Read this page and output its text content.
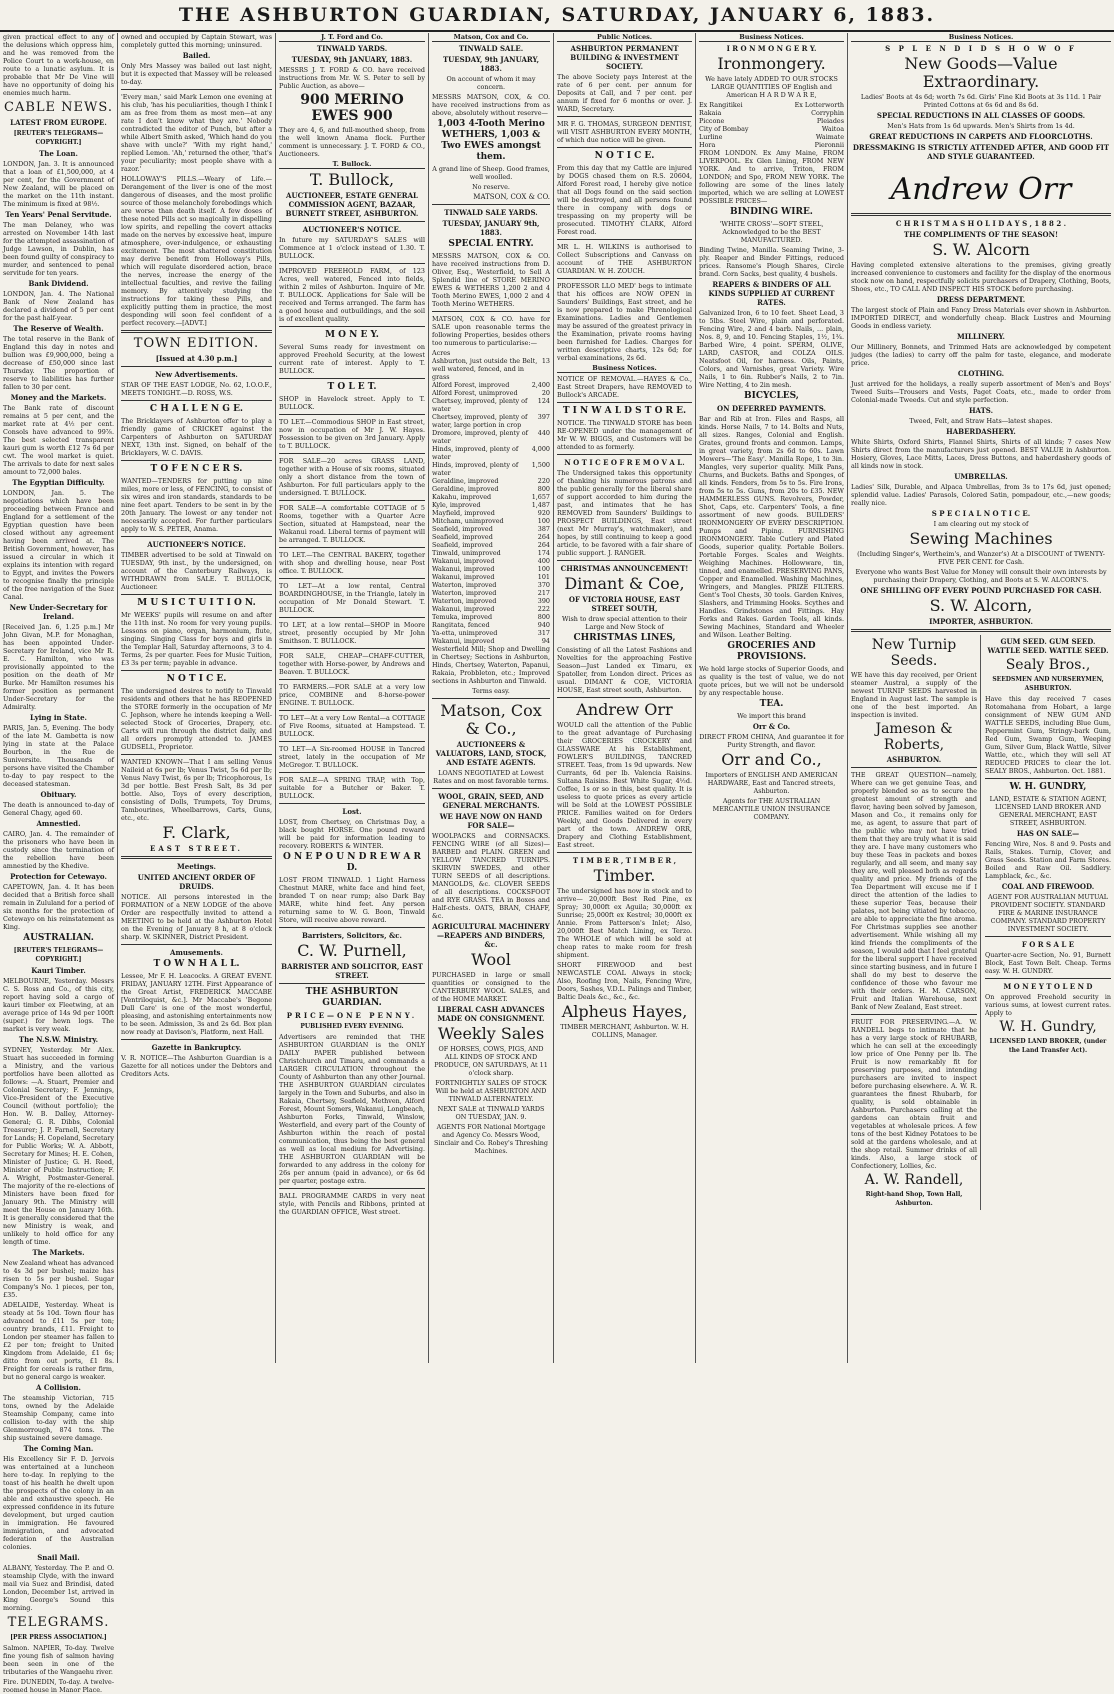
THE ASHBURTON GUARDIAN, SATURDAY, JANUARY 6, 1883.

given practical effect to any of the delusions which oppress him, and he was removed from the Police Court to a work-house, en route to a lunatic asylum. It is probable that Mr De Vine will have no opportunity of doing his enemies much harm.

CABLE NEWS.
LATEST FROM EUROPE.
[REUTER'S TELEGRAMS—COPYRIGHT.]
The Loan.

LONDON, Jan. 3. It is announced that a loan of £1,500,000, at 4 per cent, for the Government of New Zealand, will be placed on the market on the 11th instant. The minimum is fixed at 98½.

Ten Years' Penal Servitude.

The man Delaney, who was arrested on November 14th last for the attempted assassination of Judge Lawson, in Dublin, has been found guilty of conspiracy to murder, and sentenced to penal servitude for ten years.

Bank Dividend.

LONDON, Jan. 4. The National Bank of New Zealand has declared a dividend of 5 per cent for the past half-year.

The Reserve of Wealth.

The total reserve in the Bank of England this day in notes and bullion was £9,900,000, being a decrease of £50,000 since last Thursday. The proportion of reserve to liabilities has further fallen to 30 per cent.

Money and the Markets.

The Bank rate of discount remains at 5 per cent, and the market rate at 4½ per cent. Consols have advanced to 99⅞. The best selected transparent kauri gum is worth £12 7s 6d per cwt. The wool market is quiet. The arrivals to date for next sales amount to 72,000 bales.

The Egyptian Difficulty.

LONDON, Jan. 5. The negotiations which have been proceeding between France and England for a settlement of the Egyptian question have been closed without any agreement having been arrived at. The British Government, however, has issued a circular in which it explains its intention with regard to Egypt, and invites the Powers to recognise finally the principle of the free navigation of the Suez Canal.

New Under-Secretary for Ireland.

[Received Jan. 6, 1.25 p.m.] Mr John Givan, M.P. for Monaghan, has been appointed Under-Secretary for Ireland, vice Mr R. E. C. Hamilton, who was provisionally appointed to the position on the death of Mr Burke. Mr Hamilton resumes his former position as permanent Under-Secretary for the Admiralty.

Lying in State.

PARIS, Jan. 5, Evening. The body of the late M. Gambetta is now lying in state at the Palace Bourbon, in the Rue de Suniversite. Thousands of persons have visited the Chamber to-day to pay respect to the deceased statesman.

Obituary.

The death is announced to-day of General Chagy, aged 60.

Amnestied.

CAIRO, Jan. 4. The remainder of the prisoners who have been in custody since the termination of the rebellion have been amnestied by the Khedive.

Protection for Cetewayo.

CAPETOWN, Jan. 4. It has been decided that a British force shall remain in Zululand for a period of six months for the protection of Cetewayo on his reinstatement as King.

AUSTRALIAN.
[REUTER'S TELEGRAMS—COPYRIGHT.]
Kauri Timber.

MELBOURNE, Yesterday. Messrs C. S. Ross and Co., of this city, report having sold a cargo of kauri timber ex Fleetwing, at an average price of 14s 9d per 100ft (super.) for hewn logs. The market is very weak.

The N.S.W. Ministry.

SYDNEY, Yesterday. Mr Alex. Stuart has succeeded in forming a Ministry, and the various portfolios have been allotted as follows: —A. Stuart, Premier and Colonial Secretary; F. Jennings, Vice-President of the Executive Council (without portfolio); the Hon. W. B. Dalley, Attorney-General; G. R. Dibbs, Colonial Treasurer; J. P. Farnell, Secretary for Lands; H. Copeland, Secretary for Public Works; W. A. Abbott, Secretary for Mines; H. E. Cohen, Minister of Justice; G. H. Reed, Minister of Public Instruction; F. A. Wright, Postmaster-General. The majority of the re-elections of Ministers have been fixed for January 9th. The Ministry will meet the House on January 16th. It is generally considered that the new Ministry is weak, and unlikely to hold office for any length of time.

The Markets.

New Zealand wheat has advanced to 4s 3d per bushel; maize has risen to 5s per bushel. Sugar Company's No. 1 pieces, per ton, £35.

ADELAIDE, Yesterday. Wheat is steady at 5s 10d. Town flour has advanced to £11 5s per ton; country brands, £11. Freight to London per steamer has fallen to £2 per ton; freight to United Kingdom from Adelaide, £1 6s; ditto from out ports, £1 8s. Freight for cereals is rather firm, but no general cargo is weaker.

A Collision.

The steamship Victorian, 715 tons, owned by the Adelaide Steamship Company, came into collision to-day with the ship Glenmorrough, 874 tons. The ship sustained severe damage.

The Coming Man.

His Excellency Sir F. D. Jervois was entertained at a luncheon here to-day. In replying to the toast of his health he dwelt upon the prospects of the colony in an able and exhaustive speech. He expressed confidence in its future development, but urged caution in immigration. He favoured immigration, and advocated federation of the Australian colonies.

Snail Mail.

ALBANY, Yesterday. The P. and O. steamship Clyde, with the inward mail via Suez and Brindisi, dated London, December 1st, arrived in King George's Sound this morning.

TELEGRAMS.
[PER PRESS ASSOCIATION.]

Salmon. NAPIER, To-day. Twelve fine young fish of salmon having been seen in one of the tributaries of the Wangaehu river.

Fire. DUNEDIN, To-day. A twelve-roomed house in Manor Place.

owned and occupied by Captain Stewart, was completely gutted this morning; uninsured.

Bailed.

Only Mrs Massey was bailed out last night, but it is expected that Massey will be released to-day.

'Every man,' said Mark Lemon one evening at his club, 'has his peculiarities, though I think I am as free from them as most men—at any rate I don't know what they are.' Nobody contradicted the editor of Punch, but after a while Albert Smith asked, 'Which hand do you shave with uncle?' 'With my right hand,' replied Lemon. 'Ah,' returned the other, 'that's your peculiarity; most people shave with a razor.'

HOLLOWAY'S PILLS.—Weary of Life.—Derangement of the liver is one of the most dangerous of diseases, and the most prolific source of those melancholy forebodings which are worse than death itself. A few doses of these noted Pills act so magically in dispelling low spirits, and repelling the covert attacks made on the nerves by excessive heat, impure atmosphere, over-indulgence, or exhausting excitement. The most shattered constitution may derive benefit from Holloway's Pills, which will regulate disordered action, brace the nerves, increase the energy of the intellectual faculties, and revive the failing memory. By attentively studying the instructions for taking these Pills, and explicitly putting them in practice, the most desponding will soon feel confident of a perfect recovery.—[ADVT.]

TOWN EDITION.
[Issued at 4.30 p.m.]
New Advertisements.

STAR OF THE EAST LODGE, No. 62, I.O.O.F., MEETS TONIGHT.—D. ROSS, W.S.

C H A L L E N G E.

The Bricklayers of Ashburton offer to play a friendly game of CRICKET against the Carpenters of Ashburton on SATURDAY NEXT, 13th inst. Signed, on behalf of the Bricklayers, W. C. DAVIS.

T O F E N C E R S.

WANTED—TENDERS for putting up nine miles, more or less, of FENCING, to consist of six wires and iron standards, standards to be nine feet apart. Tenders to be sent in by the 20th January. The lowest or any tender not necessarily accepted. For further particulars apply to W. S. PETER, Anama.

AUCTIONEER'S NOTICE.

TIMBER advertised to be sold at Tinwald on TUESDAY, 9th inst., by the undersigned, on account of the Canterbury Railways, is WITHDRAWN from SALE. T. BULLOCK, Auctioneer.

M U S I C T U I T I O N.

Mr WEEKS' pupils will resume on and after the 11th inst. No room for very young pupils. Lessons on piano, organ, harmonium, flute, singing. Singing Class for boys and girls in the Templar Hall, Saturday afternoons, 3 to 4. Terms, 2s per quarter. Fees for Music Tuition, £3 3s per term; payable in advance.

N O T I C E.

The undersigned desires to notify to Tinwald residents and others that he has REOPENED the STORE formerly in the occupation of Mr C. Jephson, where he intends keeping a Well-selected Stock of Groceries, Drapery, etc. Carts will run through the district daily, and all orders promptly attended to. JAMES GUDSELL, Proprietor.

WANTED KNOWN—That I am selling Venus Naileid at 6s per lb; Venus Twist, 5s 6d per lb; Venus Navy Twist, 6s per lb; Tricophorous, 1s 3d per bottle. Best Fresh Salt, 8s 3d per bottle. Also, Toys of every description, consisting of Dolls, Trumpets, Toy Drums, Tambourines, Wheelbarrows, Carts, Guns, etc., etc.

F. Clark,
EAST STREET.
Meetings.
UNITED ANCIENT ORDER OF DRUIDS.

NOTICE. All persons interested in the FORMATION of a NEW LODGE of the above Order are respectfully invited to attend a MEETING to be held at the Ashburton Hotel on the Evening of January 8 h, at 8 o'clock sharp. W. SKINNER, District President.

Amusements.
T O W N H A L L.

Lessee, Mr F. H. Leacocks. A GREAT EVENT. FRIDAY, JANUARY 12TH. First Appearance of the Great Artist, FREDERICK MACCABE [Ventriloquist, &c.]. Mr Maccabe's 'Begone Dull Care' is one of the most wonderful, pleasing, and astonishing entertainments now to be seen. Admission, 3s and 2s 6d. Box plan now ready at Davison's, Platform, next Hall.

Gazette in Bankruptcy.

V. R. NOTICE—The Ashburton Guardian is a Gazette for all notices under the Debtors and Creditors Acts.

J. T. Ford and Co.
TINWALD YARDS.
TUESDAY, 9th JANUARY, 1883.

MESSRS J. T. FORD & CO. have received instructions from Mr. W. S. Peter to sell by Public Auction, as above—

900 MERINO EWES 900

They are 4, 6, and full-mouthed sheep, from the well known Anama flock. Further comment is unnecessary. J. T. FORD & CO., Auctioneers.

T. Bullock.
T. Bullock,
AUCTIONEER, ESTATE GENERAL COMMISSION AGENT, BAZAAR, BURNETT STREET, ASHBURTON.
AUCTIONEER'S NOTICE.

In future my SATURDAY'S SALES will Commence at 1 o'clock instead of 1.30. T. BULLOCK.

IMPROVED FREEHOLD FARM, of 123 Acres, well watered, Fenced into fields, within 2 miles of Ashburton. Inquire of Mr. T. BULLOCK. Applications for Sale will be received and Terms arranged. The farm has a good house and outbuildings, and the soil is of excellent quality.

M O N E Y.

Several Sums ready for investment on approved Freehold Security, at the lowest current rate of interest. Apply to T. BULLOCK.

T O L E T.

SHOP in Havelock street. Apply to T. BULLOCK.

TO LET.—Commodious SHOP in East street, now in occupation of Mr J. W. Hayes. Possession to be given on 3rd January. Apply to T. BULLOCK.

FOR SALE—20 acres GRASS LAND, together with a House of six rooms, situated only a short distance from the town of Ashburton. For full particulars apply to the undersigned. T. BULLOCK.

FOR SALE—A comfortable COTTAGE of 5 Rooms, together with a Quarter Acre Section, situated at Hampstead, near the Wakanui road. Liberal terms of payment will be arranged. T. BULLOCK.

TO LET.—The CENTRAL BAKERY, together with shop and dwelling house, near Post office. T. BULLOCK.

TO LET—At a low rental, Central BOARDINGHOUSE, in the Triangle, lately in occupation of Mr Donald Stewart. T. BULLOCK.

TO LET, at a low rental—SHOP in Moore street, presently occupied by Mr John Smithson. T. BULLOCK.

FOR SALE, CHEAP—CHAFF-CUTTER, together with Horse-power, by Andrews and Beaven. T. BULLOCK.

TO FARMERS.—FOR SALE at a very low price, COMBINE and 8-horse-power ENGINE. T. BULLOCK.

TO LET—At a very Low Rental—a COTTAGE of Five Rooms, situated at Hampstead. T. BULLOCK.

TO LET—A Six-roomed HOUSE in Tancred street, lately in the occupation of Mr McGregor. T. BULLOCK.

FOR SALE—A SPRING TRAP, with Top, suitable for a Butcher or Baker. T. BULLOCK.

Lost.

LOST, from Chertsey, on Christmas Day, a black bought HORSE. One pound reward will be paid for information leading to recovery. ROBERTS & WINTER.

O N E P O U N D R E W A R D.

LOST FROM TINWALD. 1 Light Harness Chestnut MARE, white face and hind feet, branded T on near rump; also Dark Bay MARE, white hind feet. Any person returning same to W. G. Boon, Tinwald Store, will receive above reward.

Barristers, Solicitors, &c.
C. W. Purnell,
BARRISTER AND SOLICITOR, EAST STREET.
THE ASHBURTON GUARDIAN.
PRICE—ONE PENNY.
PUBLISHED EVERY EVENING.

Advertisers are reminded that THE ASHBURTON GUARDIAN is the ONLY DAILY PAPER published between Christchurch and Timaru, and commands a LARGER CIRCULATION throughout the County of Ashburton than any other Journal. THE ASHBURTON GUARDIAN circulates largely in the Town and Suburbs, and also in Rakaia, Chertsey, Seafield, Methven, Alford Forest, Mount Somers, Wakanui, Longbeach, Ashburton Forks, Tinwald, Winslow, Westerfield, and every part of the County of Ashburton within the reach of postal communication, thus being the best general as well as local medium for Advertising. THE ASHBURTON GUARDIAN will be forwarded to any address in the colony for 26s per annum (paid in advance), or 6s 6d per quarter, postage extra.

BALL PROGRAMME CARDS in very neat style, with Pencils and Ribbons, printed at the GUARDIAN OFFICE, West street.

Matson, Cox and Co.
TINWALD SALE.
TUESDAY, 9th JANUARY, 1883.

On account of whom it may concern.

MESSRS MATSON, COX, & CO. have received instructions from as above, absolutely without reserve—

1,003 4-Tooth Merino WETHERS, 1,003 & Two EWES amongst them.

A grand line of Sheep. Good frames, well woolled.

No reserve.

MATSON, COX & CO.
TINWALD SALE YARDS.
TUESDAY, JANUARY 9th, 1883.
SPECIAL ENTRY.

MESSRS MATSON, COX & CO. have received instructions from D. Oliver, Esq., Westerfield, to Sell A Splendid line of STORE MERINO EWES & WETHERS 1,200 2 and 4 Tooth Merino EWES, 1,000 2 and 4 Tooth Merino WETHERS.

MATSON, COX & CO. have for SALE upon reasonable terms the following Properties, besides others too numerous to particularise:—

Acres
Ashburton, just outside the Belt, well watered, fenced, and in grass
13
Alford Forest, improved	2,400
Alford Forest, unimproved	20
Chertsey, improved, plenty of water
124
Chertsey, improved, plenty of water, large portion in crop
397
Dromore, improved, plenty of water
440
Hinds, improved, plenty of water
4,000
Hinds, improved, plenty of water
1,500
Geraldine, improved	220
Geraldine, improved	800
Kakahu, improved	1,657
Kyle, improved	1,487
Mayfield, improved	920
Mitcham, unimproved	100
Seafield, improved	387
Seafield, improved	264
Seafield, improved	264
Tinwald, unimproved	174
Wakanui, improved	400
Wakanui, improved	100
Wakanui, improved	101
Waterton, improved	370
Waterton, improved	217
Waterton, improved	390
Wakanui, improved	222
Temuka, improved	800
Rangitata, fenced	940
Ya-etta, unimproved	317
Wakanui, improved	94

Westerfield Mill; Shop and Dwelling in Chertsey; Sections in Ashburton, Hinds, Chertsey, Waterton, Papanui, Rakaia, Probbleton, etc.; Improved sections in Ashburton and Tinwald.

Terms easy.

Matson, Cox & Co.,
AUCTIONEERS & VALUATORS, LAND, STOCK, AND ESTATE AGENTS.

LOANS NEGOTIATED at Lowest Rates and on most favorable terms.

WOOL, GRAIN, SEED, AND GENERAL MERCHANTS.
WE HAVE NOW ON HAND FOR SALE—

WOOLPACKS and CORNSACKS. FENCING WIRE (of all Sizes)—BARBED and PLAIN. GREEN and YELLOW TANCRED TURNIPS. SKIRVIN SWEDES, and other TURN SEEDS of all descriptions. MANGOLDS, &c. CLOVER SEEDS of all descriptions. COCKSFOOT and RYE GRASS. TEA in Boxes and Half-chests. OATS, BRAN, CHAFF, &c.

AGRICULTURAL MACHINERY—REAPERS AND BINDERS, &c.
Wool

PURCHASED in large or small quantities or consigned to the CANTERBURY WOOL SALES, and of the HOME MARKET.

LIBERAL CASH ADVANCES MADE ON CONSIGNMENT.
Weekly Sales

OF HORSES, COWS, PIGS, AND ALL KINDS OF STOCK AND PRODUCE, ON SATURDAYS, At 11 o'clock sharp.

FORTNIGHTLY SALES OF STOCK Will be held at ASHBURTON AND TINWALD ALTERNATELY.

NEXT SALE at TINWALD YARDS ON TUESDAY, JAN. 9.

AGENTS FOR National Mortgage and Agency Co. Messrs Wood, Sinclair and Co. Robey's Threshing Machines.

Public Notices.
ASHBURTON PERMANENT BUILDING & INVESTMENT SOCIETY.

The above Society pays Interest at the rate of 6 per cent. per annum for Deposits at Call, and 7 per cent. per annum if fixed for 6 months or over. J. WARD, Secretary.

MR F. G. THOMAS, SURGEON DENTIST, will VISIT ASHBURTON EVERY MONTH, of which due notice will be given.

N O T I C E.

From this day that my Cattle are injured by DOGS chased them on R.S. 20604, Alford Forest road, I hereby give notice that all Dogs found on the said section will be destroyed, and all persons found there in company with dogs or trespassing on my property will be prosecuted. TIMOTHY CLARK, Alford Forest road.

MR L. H. WILKINS is authorised to Collect Subscriptions and Canvass on account of THE ASHBURTON GUARDIAN. W. H. ZOUCH.

PROFESSOR LLO MED' begs to intimate that his offices are NOW OPEN in Saunders' Buildings, East street, and he is now prepared to make Phrenological Examinations. Ladies and Gentlemen may be assured of the greatest privacy in the Examination, private rooms having been furnished for Ladies. Charges for written descriptive charts, 12s 6d; for verbal examinations, 2s 6d.

Business Notices.

NOTICE OF REMOVAL.—HAYES & Co., East Street Drapers, have REMOVED to Bullock's ARCADE.

T I N W A L D S T O R E.

NOTICE. The TINWALD STORE has been RE-OPENED under the management of Mr W. W. BIGGS, and Customers will be attended to as formerly.

N O T I C E O F R E M O V A L.

The Undersigned takes this opportunity of thanking his numerous patrons and the public generally for the liberal share of support accorded to him during the past, and intimates that he has REMOVED from Saunders' Buildings to PROSPECT BUILDINGS, East street (next Mr Murray's, watchmaker), and hopes, by still continuing to keep a good article, to be favored with a fair share of public support. J. RANGER.

CHRISTMAS ANNOUNCEMENT!
Dimant & Coe,
OF VICTORIA HOUSE, EAST STREET SOUTH,

Wish to draw special attention to their Large and New Stock of

CHRISTMAS LINES,

Consisting of all the Latest Fashions and Novelties for the approaching Festive Season—Just Landed ex Timaru, ex Spatoller, from London direct. Prices as usual. DIMANT & COE, VICTORIA HOUSE, East street south, Ashburton.

Andrew Orr

WOULD call the attention of the Public to the great advantage of Purchasing their GROCERIES CROCKERY and GLASSWARE At his Establishment, FOWLER'S BUILDINGS, TANCRED STREET. Teas, from 1s 9d upwards. New Currants, 6d per lb. Valencia Raisins. Sultana Raisins. Best White Sugar, 4½d. Coffee, 1s or so in this, best quality. It is useless to quote prices as every article will be Sold at the LOWEST POSSIBLE PRICE. Families waited on for Orders Weekly, and Goods Delivered in every part of the town. ANDREW ORR, Drapery and Clothing Establishment, East street.

T I M B E R , T I M B E R ,
Timber.

The undersigned has now in stock and to arrive— 20,000ft Best Red Pine, ex Spray; 30,000ft ex Aguila; 30,000ft ex Sunrise; 25,000ft ex Kestrel; 30,000ft ex Annie. From Patterson's Inlet; Also, 20,000ft Best Match Lining, ex Terzo. The WHOLE of which will be sold at cheap rates to make room for fresh shipment.

SHORT FIREWOOD and best NEWCASTLE COAL Always in stock; Also, Roofing Iron, Nails, Fencing Wire, Doors, Sashes, V.D.L. Palings and Timber, Baltic Deals &c., &c., &c.

Alpheus Hayes,

TIMBER MERCHANT, Ashburton. W. H. COLLINS, Manager.

Business Notices.
I R O N M O N G E R Y.
Ironmongery.

We have lately ADDED TO OUR STOCKS LARGE QUANTITIES OF English and American H A R D W A R E,

Ex Rangitikei	Ex Lotterworth
Rakaia	Corryphin
Piccone	Pleiades
City of Bombay	Waitoa
Lurline	Waimate
Hora	Pieronnii

FROM LONDON. Ex Amy Maine, FROM LIVERPOOL. Ex Glen Lining, FROM NEW YORK. And to arrive, Triton, FROM LONDON; and Spo, FROM NEW YORK. The following are some of the lines lately imported, which we are selling at LOWEST POSSIBLE PRICES—

BINDING WIRE.

'WHITE CROSS'—SOFT STEEL, Acknowledged to be the BEST MANUFACTURED.

Binding Twine, Manilla. Seaming Twine, 3-ply. Reaper and Binder Fittings, reduced prices. Ransome's Plough Shares, Circle brand. Corn Sacks, best quality, 4 bushels.

REAPERS & BINDERS OF ALL KINDS SUPPLIED AT CURRENT RATES.

Galvanized Iron, 6 to 10 feet. Sheet Lead, 3 to 5lbs. Steel Wire, plain and perforated. Fencing Wire, 2 and 4 barb. Nails, ... plain, Nos. 8, 9, and 10. Fencing Staples, 1½, 1¾. Barbed Wire, 4 point. SPERM, OLIVE, LARD, CASTOR, and COLZA OILS. Neatsfoot Oil, for harness. Oils, Paints, Colors, and Varnishes, great Variety. Wire Nails, 1 to 6in. Rubber's Nails, 2 to 7in. Wire Netting, 4 to 2in mesh.

BICYCLES,
ON DEFERRED PAYMENTS.

Bar and Rib at Iron. Files and Rasps, all kinds. Horse Nails, 7 to 14. Bolts and Nuts, all sizes. Ranges, Colonial and English. Grates, ground fronts and common. Lamps, in great variety, from 2s 6d to 60s. Lawn Mowers—'The Easy'. Manilla Rope, 1 to 3in. Mangles, very superior quality. Milk Pans, Churns, and Buckets. Baths and Sponges, of all kinds. Fenders, from 5s to 5s. Fire Irons, from 5s to 5s. Guns, from 20s to £35. NEW HAMMERLESS GUNS. Revolvers, Powder, Shot, Caps, etc. Carpenters' Tools, a fine assortment of new goods. BUILDERS' IRONMONGERY OF EVERY DESCRIPTION. Pumps and Piping. FURNISHING IRONMONGERY. Table Cutlery and Plated Goods, superior quality. Portable Boilers. Portable Forges. Scales and Weights. Weighing Machines. Hollowware, tin, tinned, and enamelled. PRESERVING PANS, Copper and Enamelled. Washing Machines, Wringers, and Mangles. PRIZE FILTERS. Gent's Tool Chests, 30 tools. Garden Knives, Slashers, and Trimming Hooks. Scythes and Handles. Grindstones and Fittings. Hay Forks and Rakes. Garden Tools, all kinds. Sewing Machines, Standard and Wheeler and Wilson. Leather Belting.

GROCERIES AND PROVISIONS.

We hold large stocks of Superior Goods, and as quality is the test of value, we do not quote prices, but we will not be undersold by any respectable house.

TEA.

We import this brand

Orr & Co.

DIRECT FROM CHINA, And guarantee it for Purity Strength, and flavor.

Orr and Co.,

Importers of ENGLISH AND AMERICAN HARDWARE, East and Tancred streets, Ashburton.

Agents for THE AUSTRALIAN MERCANTILE UNION INSURANCE COMPANY.

Business Notices.
S P L E N D I D S H O W O F
New Goods—Value Extraordinary.

Ladies' Boots at 4s 6d; worth 7s 6d. Girls' Fine Kid Boots at 3s 11d. 1 Pair Printed Cottons at 6s 6d and 8s 6d.

SPECIAL REDUCTIONS IN ALL CLASSES OF GOODS.

Men's Hats from 1s 6d upwards. Men's Shirts from 1s 4d.

GREAT REDUCTIONS IN CARPETS AND FLOORCLOTHS.
DRESSMAKING IS STRICTLY ATTENDED AFTER, AND GOOD FIT AND STYLE GUARANTEED.
Andrew Orr
C H R I S T M A S H O L I D A Y S , 1 8 8 2 .
THE COMPLIMENTS OF THE SEASON!
S. W. Alcorn

Having completed extensive alterations to the premises, giving greatly increased convenience to customers and facility for the display of the enormous stock now on hand, respectfully solicits purchasers of Drapery, Clothing, Boots, Shoes, etc., TO CALL AND INSPECT HIS STOCK before purchasing.

DRESS DEPARTMENT.

The largest stock of Plain and Fancy Dress Materials ever shown in Ashburton. IMPORTED DIRECT, and wonderfully cheap. Black Lustres and Mourning Goods in endless variety.

MILLINERY.

Our Millinery, Bonnets, and Trimmed Hats are acknowledged by competent judges (the ladies) to carry off the palm for taste, elegance, and moderate price.

CLOTHING.

Just arrived for the holidays, a really superb assortment of Men's and Boys' Tweed Suits—Trousers and Vests, Paget Coats, etc., made to order from Colonial-made Tweeds. Cut and style perfection.

HATS.

Tweed, Felt, and Straw Hats—latest shapes.

HABERDASHERY.

White Shirts, Oxford Shirts, Flannel Shirts, Shirts of all kinds; 7 cases New Shirts direct from the manufacturers just opened. BEST VALUE in Ashburton. Hosiery, Gloves, Lace Mitts, Laces, Dress Buttons, and haberdashery goods of all kinds now in stock.

UMBRELLAS.

Ladies' Silk, Durable, and Alpaca Umbrellas, from 3s to 17s 6d, just opened; splendid value. Ladies' Parasols, Colored Satin, pompadour, etc.,—new goods; really nice.

S P E C I A L N O T I C E.

I am clearing out my stock of

Sewing Machines

(Including Singer's, Wertheim's, and Wanzer's) At a DISCOUNT of TWENTY-FIVE PER CENT. for Cash.

Everyone who wants Best Value for Money will consult their own interests by purchasing their Drapery, Clothing, and Boots at S. W. ALCORN'S.

ONE SHILLING OFF EVERY POUND PURCHASED FOR CASH.
S. W. Alcorn,
IMPORTER, ASHBURTON.
New Turnip Seeds.

WE have this day received, per Orient steamer Austral, a supply of the newest TURNIP SEEDS harvested in England in August last. The sample is one of the best imported. An inspection is invited.

Jameson & Roberts,
ASHBURTON.

THE GREAT QUESTION—namely, Where can we get genuine Teas, and properly blended so as to secure the greatest amount of strength and flavor, having been solved by Jameson, Mason and Co., it remains only for me, as agent, to assure that part of the public who may not have tried them that they are truly what it is said they are. I have many customers who buy these Teas in packets and boxes regularly, and all seem, and many say they are, well pleased both as regards quality and price. My friends of the Tea Department will excuse me if I direct the attention of the ladies to these superior Teas, because their palates, not being vitiated by tobacco, are able to appreciate the fine aroma. For Christmas supplies see another advertisement. While wishing all my kind friends the compliments of the season, I would add that I feel grateful for the liberal support I have received since starting business, and in future I shall do my best to deserve the confidence of those who favour me with their orders. H. M. CARSON, Fruit and Italian Warehouse, next Bank of New Zealand, East street.

FRUIT FOR PRESERVING.—A. W. RANDELL begs to intimate that he has a very large stock of RHUBARB, which he can sell at the exceedingly low price of One Penny per lb. The Fruit is now remarkably fit for preserving purposes, and intending purchasers are invited to inspect before purchasing elsewhere. A. W. R. guarantees the finest Rhubarb, for quality, is sold obtainable in Ashburton. Purchasers calling at the gardens can obtain fruit and vegetables at wholesale prices. A few tons of the best Kidney Potatoes to be sold at the gardens wholesale, and at the shop retail. Summer drinks of all kinds. Also, a large stock of Confectionery, Lollies, &c.

A. W. Randell,
Right-hand Shop, Town Hall, Ashburton.
GUM SEED. GUM SEED. WATTLE SEED. WATTLE SEED.
Sealy Bros.,
SEEDSMEN AND NURSERYMEN, ASHBURTON.

Have this day received 7 cases Rotomahana from Hobart, a large consignment of NEW GUM AND WATTLE SEEDS, including Blue Gum, Peppermint Gum, Stringy-bark Gum, Red Gum, Swamp Gum, Weeping Gum, Silver Gum, Black Wattle, Silver Wattle, etc., which they will sell AT REDUCED PRICES to clear the lot. SEALY BROS., Ashburton. Oct. 1881.

W. H. GUNDRY,

LAND, ESTATE & STATION AGENT, LICENSED LAND BROKER AND GENERAL MERCHANT, EAST STREET, ASHBURTON.

HAS ON SALE—

Fencing Wire, Nos. 8 and 9. Posts and Rails, Stakes. Turnip, Clover, and Grass Seeds. Station and Farm Stores. Boiled and Raw Oil. Saddlery. Lampblack, &c., &c.

COAL AND FIREWOOD.

AGENT FOR AUSTRALIAN MUTUAL PROVIDENT SOCIETY. STANDARD FIRE & MARINE INSURANCE COMPANY. STANDARD PROPERTY INVESTMENT SOCIETY.

F O R S A L E

Quarter-acre Section, No. 91, Burnett Block, East Town Belt. Cheap. Terms easy. W. H. GUNDRY.

M O N E Y T O L E N D

On approved Freehold security in various sums, at lowest current rates. Apply to

W. H. Gundry,
LICENSED LAND BROKER, (under the Land Transfer Act).
